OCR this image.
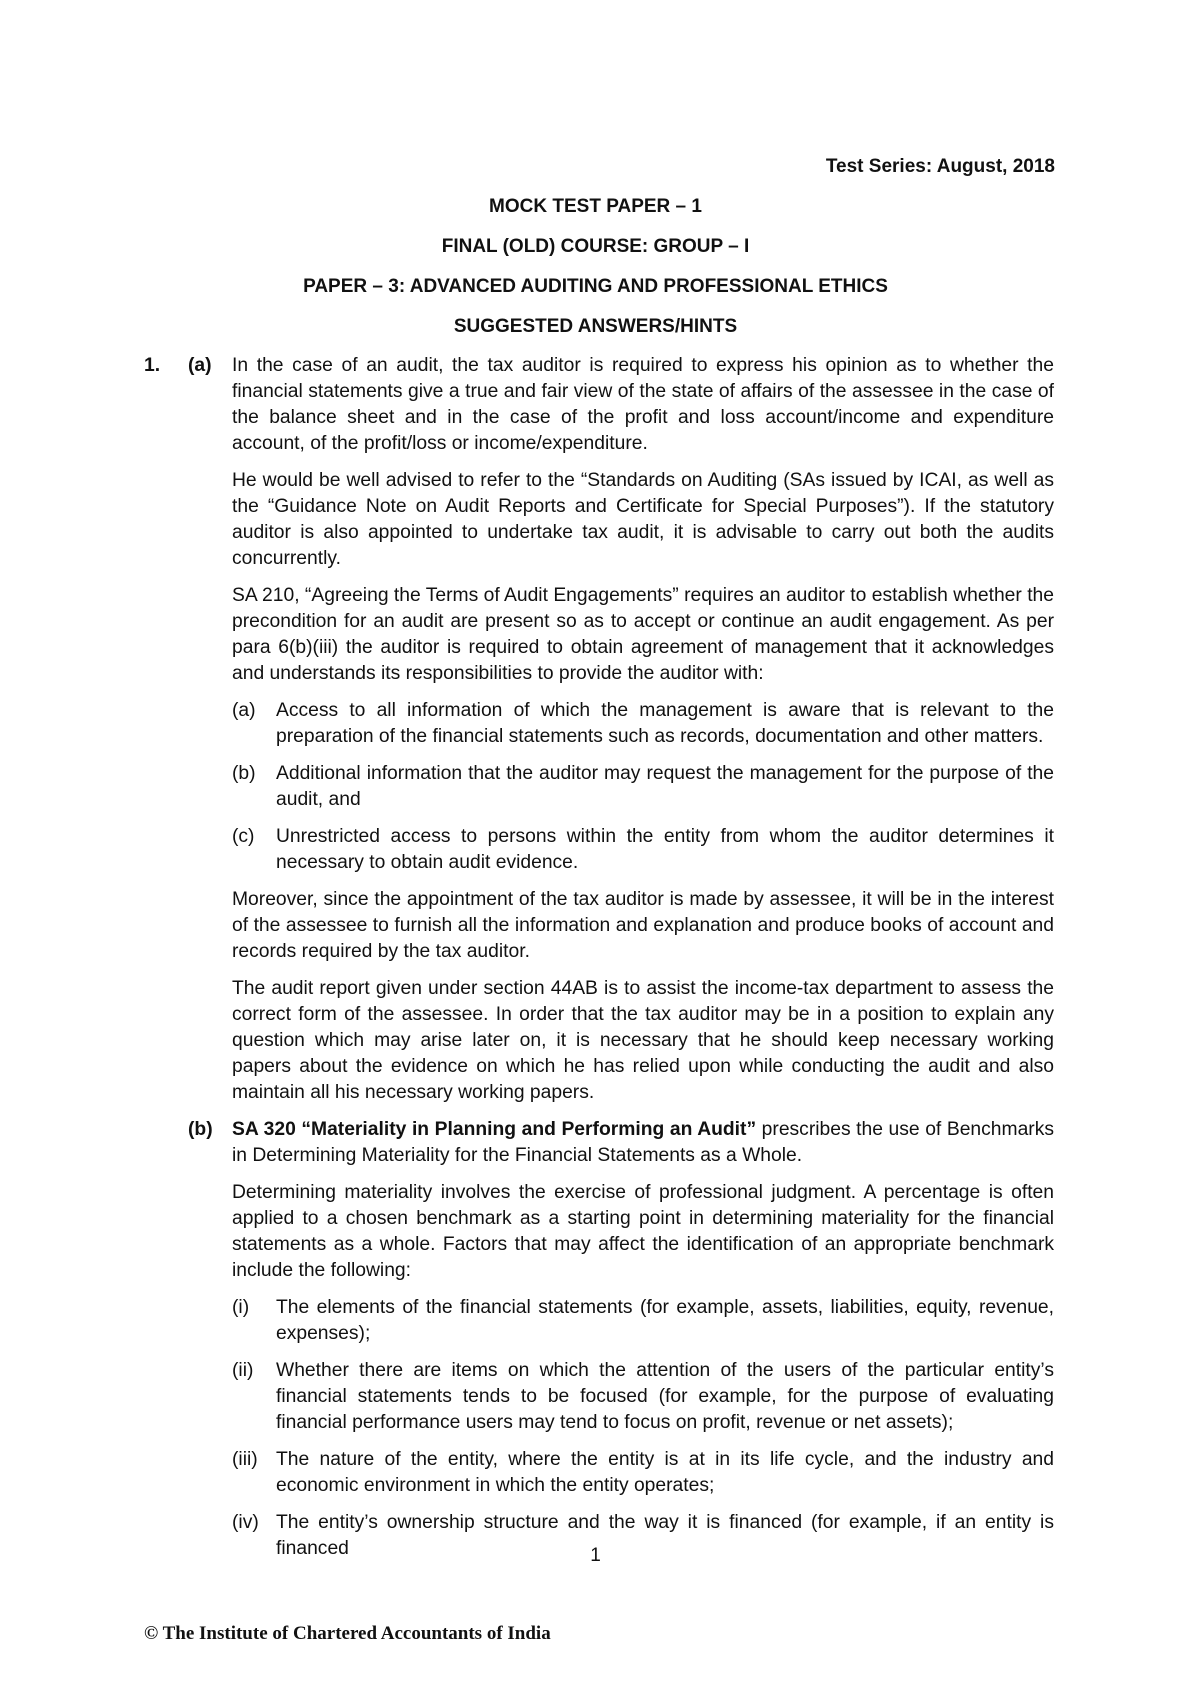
Test Series: August, 2018
MOCK TEST PAPER – 1
FINAL (OLD) COURSE: GROUP – I
PAPER – 3: ADVANCED AUDITING AND PROFESSIONAL ETHICS
SUGGESTED ANSWERS/HINTS
1. (a) In the case of an audit, the tax auditor is required to express his opinion as to whether the financial statements give a true and fair view of the state of affairs of the assessee in the case of the balance sheet and in the case of the profit and loss account/income and expenditure account, of the profit/loss or income/expenditure.

He would be well advised to refer to the “Standards on Auditing (SAs issued by ICAI, as well as the “Guidance Note on Audit Reports and Certificate for Special Purposes”). If the statutory auditor is also appointed to undertake tax audit, it is advisable to carry out both the audits concurrently.

SA 210, “Agreeing the Terms of Audit Engagements” requires an auditor to establish whether the precondition for an audit are present so as to accept or continue an audit engagement. As per para 6(b)(iii) the auditor is required to obtain agreement of management that it acknowledges and understands its responsibilities to provide the auditor with:

(a) Access to all information of which the management is aware that is relevant to the preparation of the financial statements such as records, documentation and other matters.
(b) Additional information that the auditor may request the management for the purpose of the audit, and
(c) Unrestricted access to persons within the entity from whom the auditor determines it necessary to obtain audit evidence.

Moreover, since the appointment of the tax auditor is made by assessee, it will be in the interest of the assessee to furnish all the information and explanation and produce books of account and records required by the tax auditor.

The audit report given under section 44AB is to assist the income-tax department to assess the correct form of the assessee. In order that the tax auditor may be in a position to explain any question which may arise later on, it is necessary that he should keep necessary working papers about the evidence on which he has relied upon while conducting the audit and also maintain all his necessary working papers.

(b) SA 320 “Materiality in Planning and Performing an Audit” prescribes the use of Benchmarks in Determining Materiality for the Financial Statements as a Whole.

Determining materiality involves the exercise of professional judgment. A percentage is often applied to a chosen benchmark as a starting point in determining materiality for the financial statements as a whole. Factors that may affect the identification of an appropriate benchmark include the following:

(i) The elements of the financial statements (for example, assets, liabilities, equity, revenue, expenses);
(ii) Whether there are items on which the attention of the users of the particular entity’s financial statements tends to be focused (for example, for the purpose of evaluating financial performance users may tend to focus on profit, revenue or net assets);
(iii) The nature of the entity, where the entity is at in its life cycle, and the industry and economic environment in which the entity operates;
(iv) The entity’s ownership structure and the way it is financed (for example, if an entity is financed	1
© The Institute of Chartered Accountants of India
